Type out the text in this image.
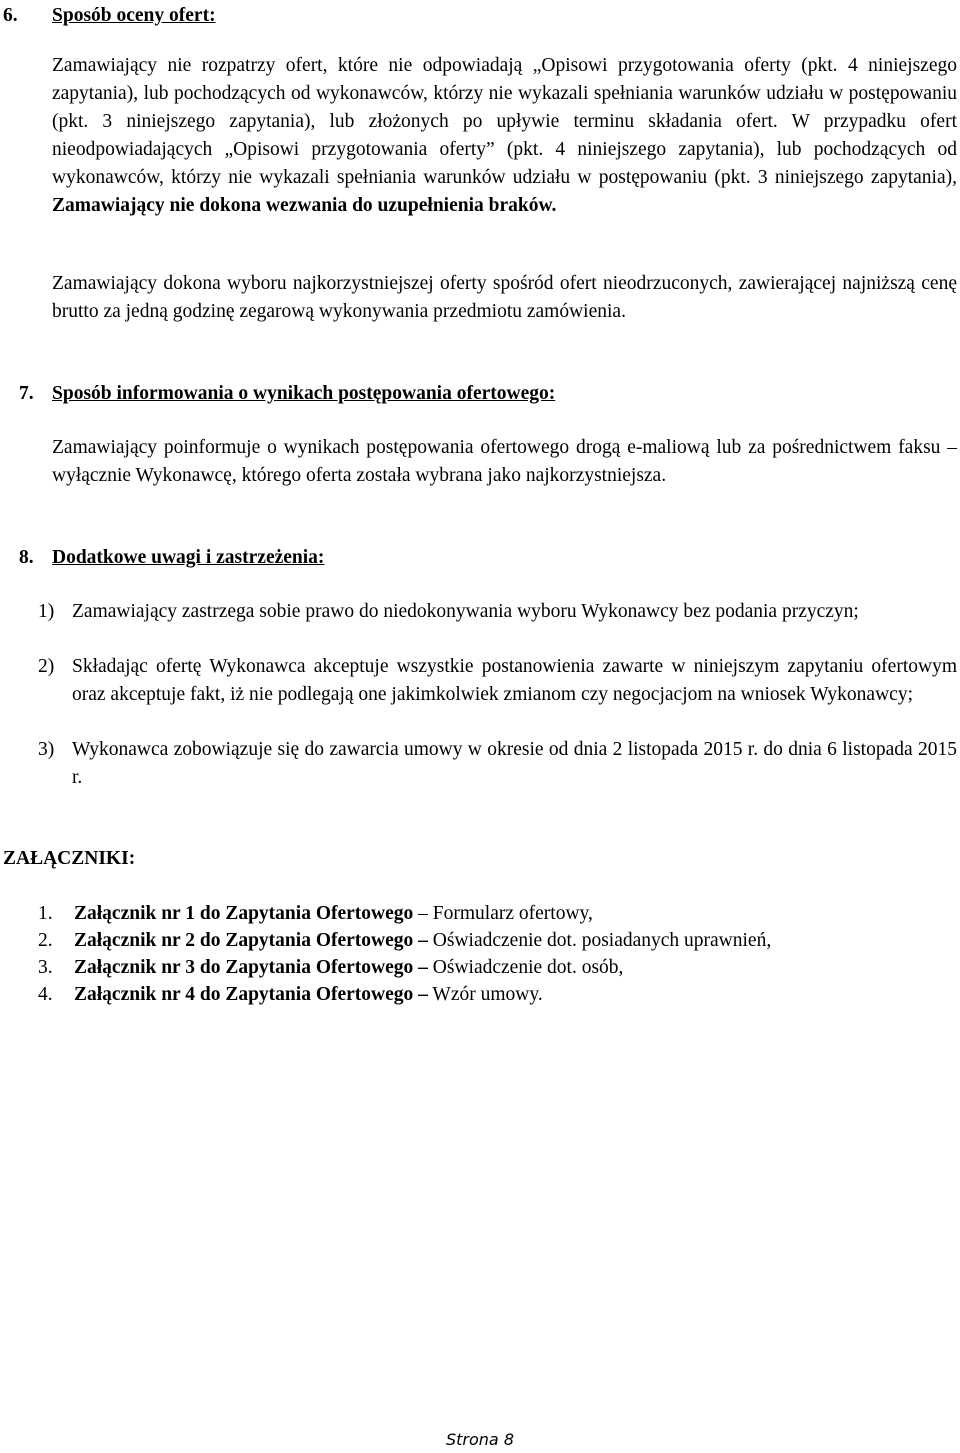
6. Sposób oceny ofert:

Zamawiający nie rozpatrzy ofert, które nie odpowiadają „Opisowi przygotowania oferty (pkt. 4 niniejszego zapytania), lub pochodzących od wykonawców, którzy nie wykazali spełniania warunków udziału w postępowaniu (pkt. 3 niniejszego zapytania), lub złożonych po upływie terminu składania ofert. W przypadku ofert nieodpowiadających „Opisowi przygotowania oferty” (pkt. 4 niniejszego zapytania), lub pochodzących od wykonawców, którzy nie wykazali spełniania warunków udziału w postępowaniu (pkt. 3 niniejszego zapytania), Zamawiający nie dokona wezwania do uzupełnienia braków.

Zamawiający dokona wyboru najkorzystniejszej oferty spośród ofert nieodrzuconych, zawierającej najniższą cenę brutto za jedną godzinę zegarową wykonywania przedmiotu zamówienia.

7. Sposób informowania o wynikach postępowania ofertowego:

Zamawiający poinformuje o wynikach postępowania ofertowego drogą e-maliową lub za pośrednictwem faksu – wyłącznie Wykonawcę, którego oferta została wybrana jako najkorzystniejsza.

8. Dodatkowe uwagi i zastrzeżenia:
1) Zamawiający zastrzega sobie prawo do niedokonywania wyboru Wykonawcy bez podania przyczyn;
2) Składając ofertę Wykonawca akceptuje wszystkie postanowienia zawarte w niniejszym zapytaniu ofertowym oraz akceptuje fakt, iż nie podlegają one jakimkolwiek zmianom czy negocjacjom na wniosek Wykonawcy;
3) Wykonawca zobowiązuje się do zawarcia umowy w okresie od dnia 2 listopada 2015 r. do dnia 6 listopada 2015 r.
ZAŁĄCZNIKI:
1. Załącznik nr 1 do Zapytania Ofertowego – Formularz ofertowy,
2. Załącznik nr 2 do Zapytania Ofertowego – Oświadczenie dot. posiadanych uprawnień,
3. Załącznik nr 3 do Zapytania Ofertowego – Oświadczenie dot. osób,
4. Załącznik nr 4 do Zapytania Ofertowego – Wzór umowy.
Strona 8
